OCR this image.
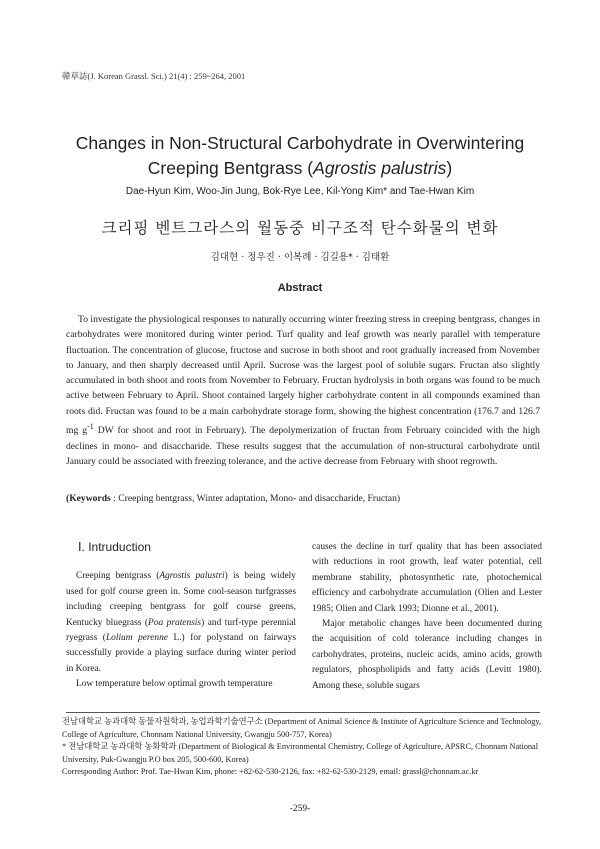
韓草誌(J. Korean Grassl. Sci.) 21(4) : 259~264, 2001
Changes in Non-Structural Carbohydrate in Overwintering
Creeping Bentgrass (Agrostis palustris)
Dae-Hyun Kim, Woo-Jin Jung, Bok-Rye Lee, Kil-Yong Kim* and Tae-Hwan Kim
크리핑 벤트그라스의 월동중 비구조적 탄수화물의 변화
김대현 · 정우진 · 이복례 · 김길용* · 김태환
Abstract

To investigate the physiological responses to naturally occurring winter freezing stress in creeping bentgrass, changes in carbohydrates were monitored during winter period. Turf quality and leaf growth was nearly parallel with temperature fluctuation. The concentration of glucose, fructose and sucrose in both shoot and root gradually increased from November to January, and then sharply decreased until April. Sucrose was the largest pool of soluble sugars. Fructan also slightly accumulated in both shoot and roots from November to February. Fructan hydrolysis in both organs was found to be much active between February to April. Shoot contained largely higher carbohydrate content in all compounds examined than roots did. Fructan was found to be a main carbohydrate storage form, showing the highest concentration (176.7 and 126.7 mg $g^{-1}$ DW for shoot and root in February). The depolymerization of fructan from February coincided with the high declines in mono- and disaccharide. These results suggest that the accumulation of non-structural carbohydrate until January could be associated with freezing tolerance, and the active decrease from February with shoot regrowth.

(Keywords : Creeping bentgrass, Winter adaptation, Mono- and disaccharide, Fructan)

Ⅰ. Intruduction

Creeping bentgrass (Agrostis palustri) is being widely used for golf course green in. Some cool-season turfgrasses including creeping bentgrass for golf course greens, Kentucky bluegrass (Poa pratensis) and turf-type perennial ryegrass (Lolium perenne L.) for polystand on fairways successfully provide a playing surface during winter period in Korea.

Low temperature below optimal growth temperature

causes the decline in turf quality that has been associated with reductions in root growth, leaf water potential, cell membrane stability, photosynthetic rate, photochemical efficiency and carbohydrate accumulation (Olien and Lester 1985; Olien and Clark 1993; Dionne et al., 2001).

Major metabolic changes have been documented during the acquisition of cold tolerance including changes in carbohydrates, proteins, nucleic acids, amino acids, growth regulators, phospholipids and fatty acids (Levitt 1980). Among these, soluble sugars

전남대학교 농과대학 동물자원학과, 농업과학기술연구소 (Department of Animal Science & Institute of Agriculture Science and Technology, College of Agriculture, Chonnam National University, Gwangju 500-757, Korea)

* 전남대학교 농과대학 농화학과 (Department of Biological & Environmental Chemistry, College of Agriculture, APSRC, Chonnam National University, Puk-Gwangju P.O box 205, 500-600, Korea)

Corresponding Author: Prof. Tae-Hwan Kim, phone: +82-62-530-2126, fax: +82-62-530-2129, email: grassl@chonnam.ac.kr

-259-
